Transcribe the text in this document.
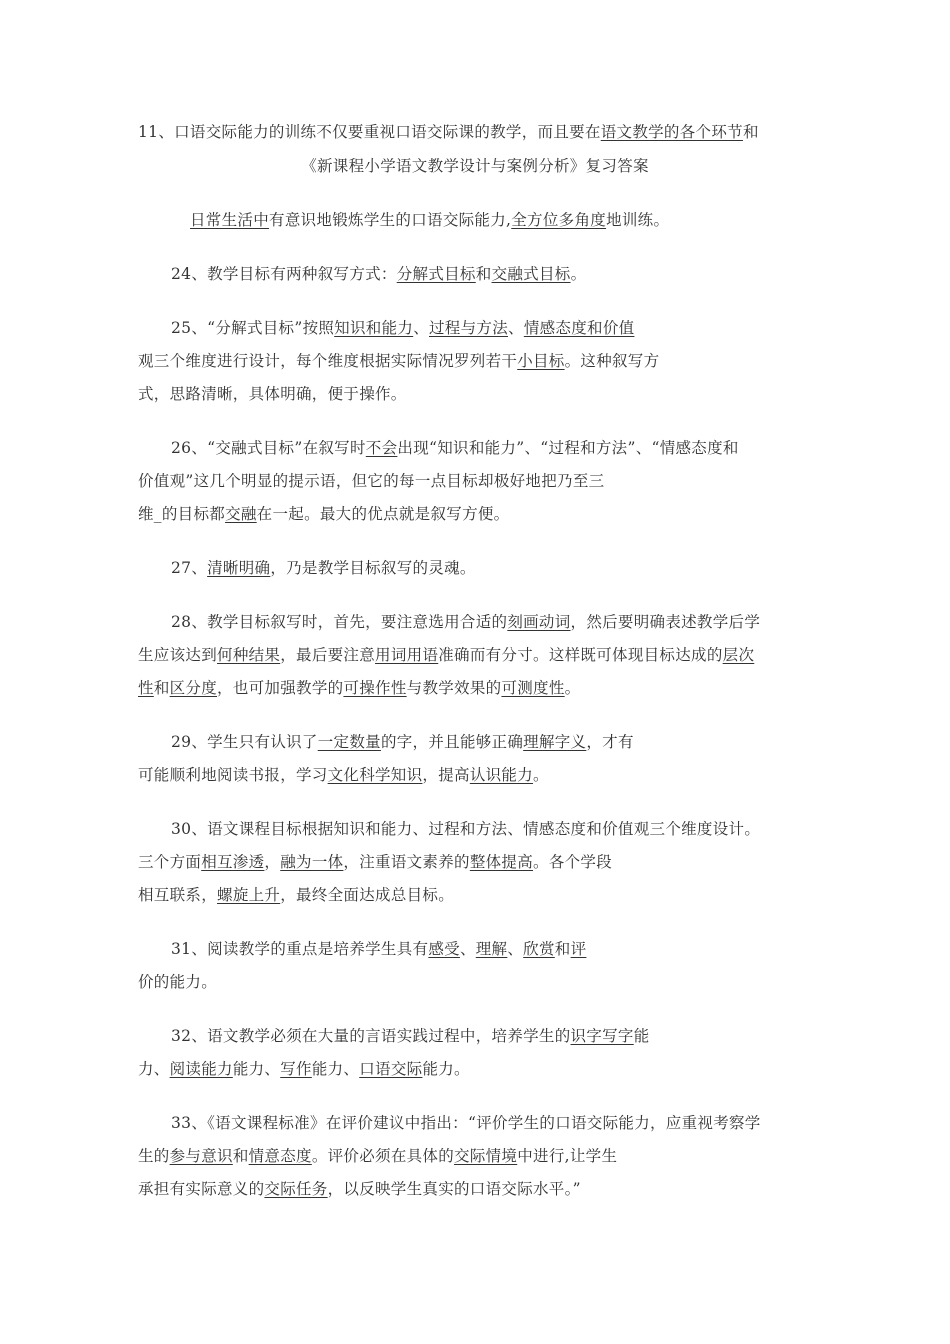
11、口语交际能力的训练不仅要重视口语交际课的教学，而且要在语文教学的各个环节和
《新课程小学语文教学设计与案例分析》复习答案
日常生活中有意识地锻炼学生的口语交际能力,全方位多角度地训练。
24、教学目标有两种叙写方式：分解式目标和交融式目标。
25、“分解式目标”按照知识和能力、过程与方法、情感态度和价值
观三个维度进行设计，每个维度根据实际情况罗列若干小目标。这种叙写方
式，思路清晰，具体明确，便于操作。
26、“交融式目标”在叙写时不会出现“知识和能力”、“过程和方法”、“情感态度和
价值观”这几个明显的提示语，但它的每一点目标却极好地把乃至三
维_的目标都交融在一起。最大的优点就是叙写方便。
27、清晰明确，乃是教学目标叙写的灵魂。
28、教学目标叙写时，首先，要注意选用合适的刻画动词，然后要明确表述教学后学
生应该达到何种结果，最后要注意用词用语准确而有分寸。这样既可体现目标达成的层次
性和区分度，也可加强教学的可操作性与教学效果的可测度性。
29、学生只有认识了一定数量的字，并且能够正确理解字义，才有
可能顺利地阅读书报，学习文化科学知识，提高认识能力。
30、语文课程目标根据知识和能力、过程和方法、情感态度和价值观三个维度设计。
三个方面相互渗透，融为一体，注重语文素养的整体提高。各个学段
相互联系，螺旋上升，最终全面达成总目标。
31、阅读教学的重点是培养学生具有感受、理解、欣赏和评
价的能力。
32、语文教学必须在大量的言语实践过程中，培养学生的识字写字能
力、阅读能力能力、写作能力、口语交际能力。
33、《语文课程标准》在评价建议中指出：“评价学生的口语交际能力，应重视考察学
生的参与意识和情意态度。评价必须在具体的交际情境中进行,让学生
承担有实际意义的交际任务，以反映学生真实的口语交际水平。”
